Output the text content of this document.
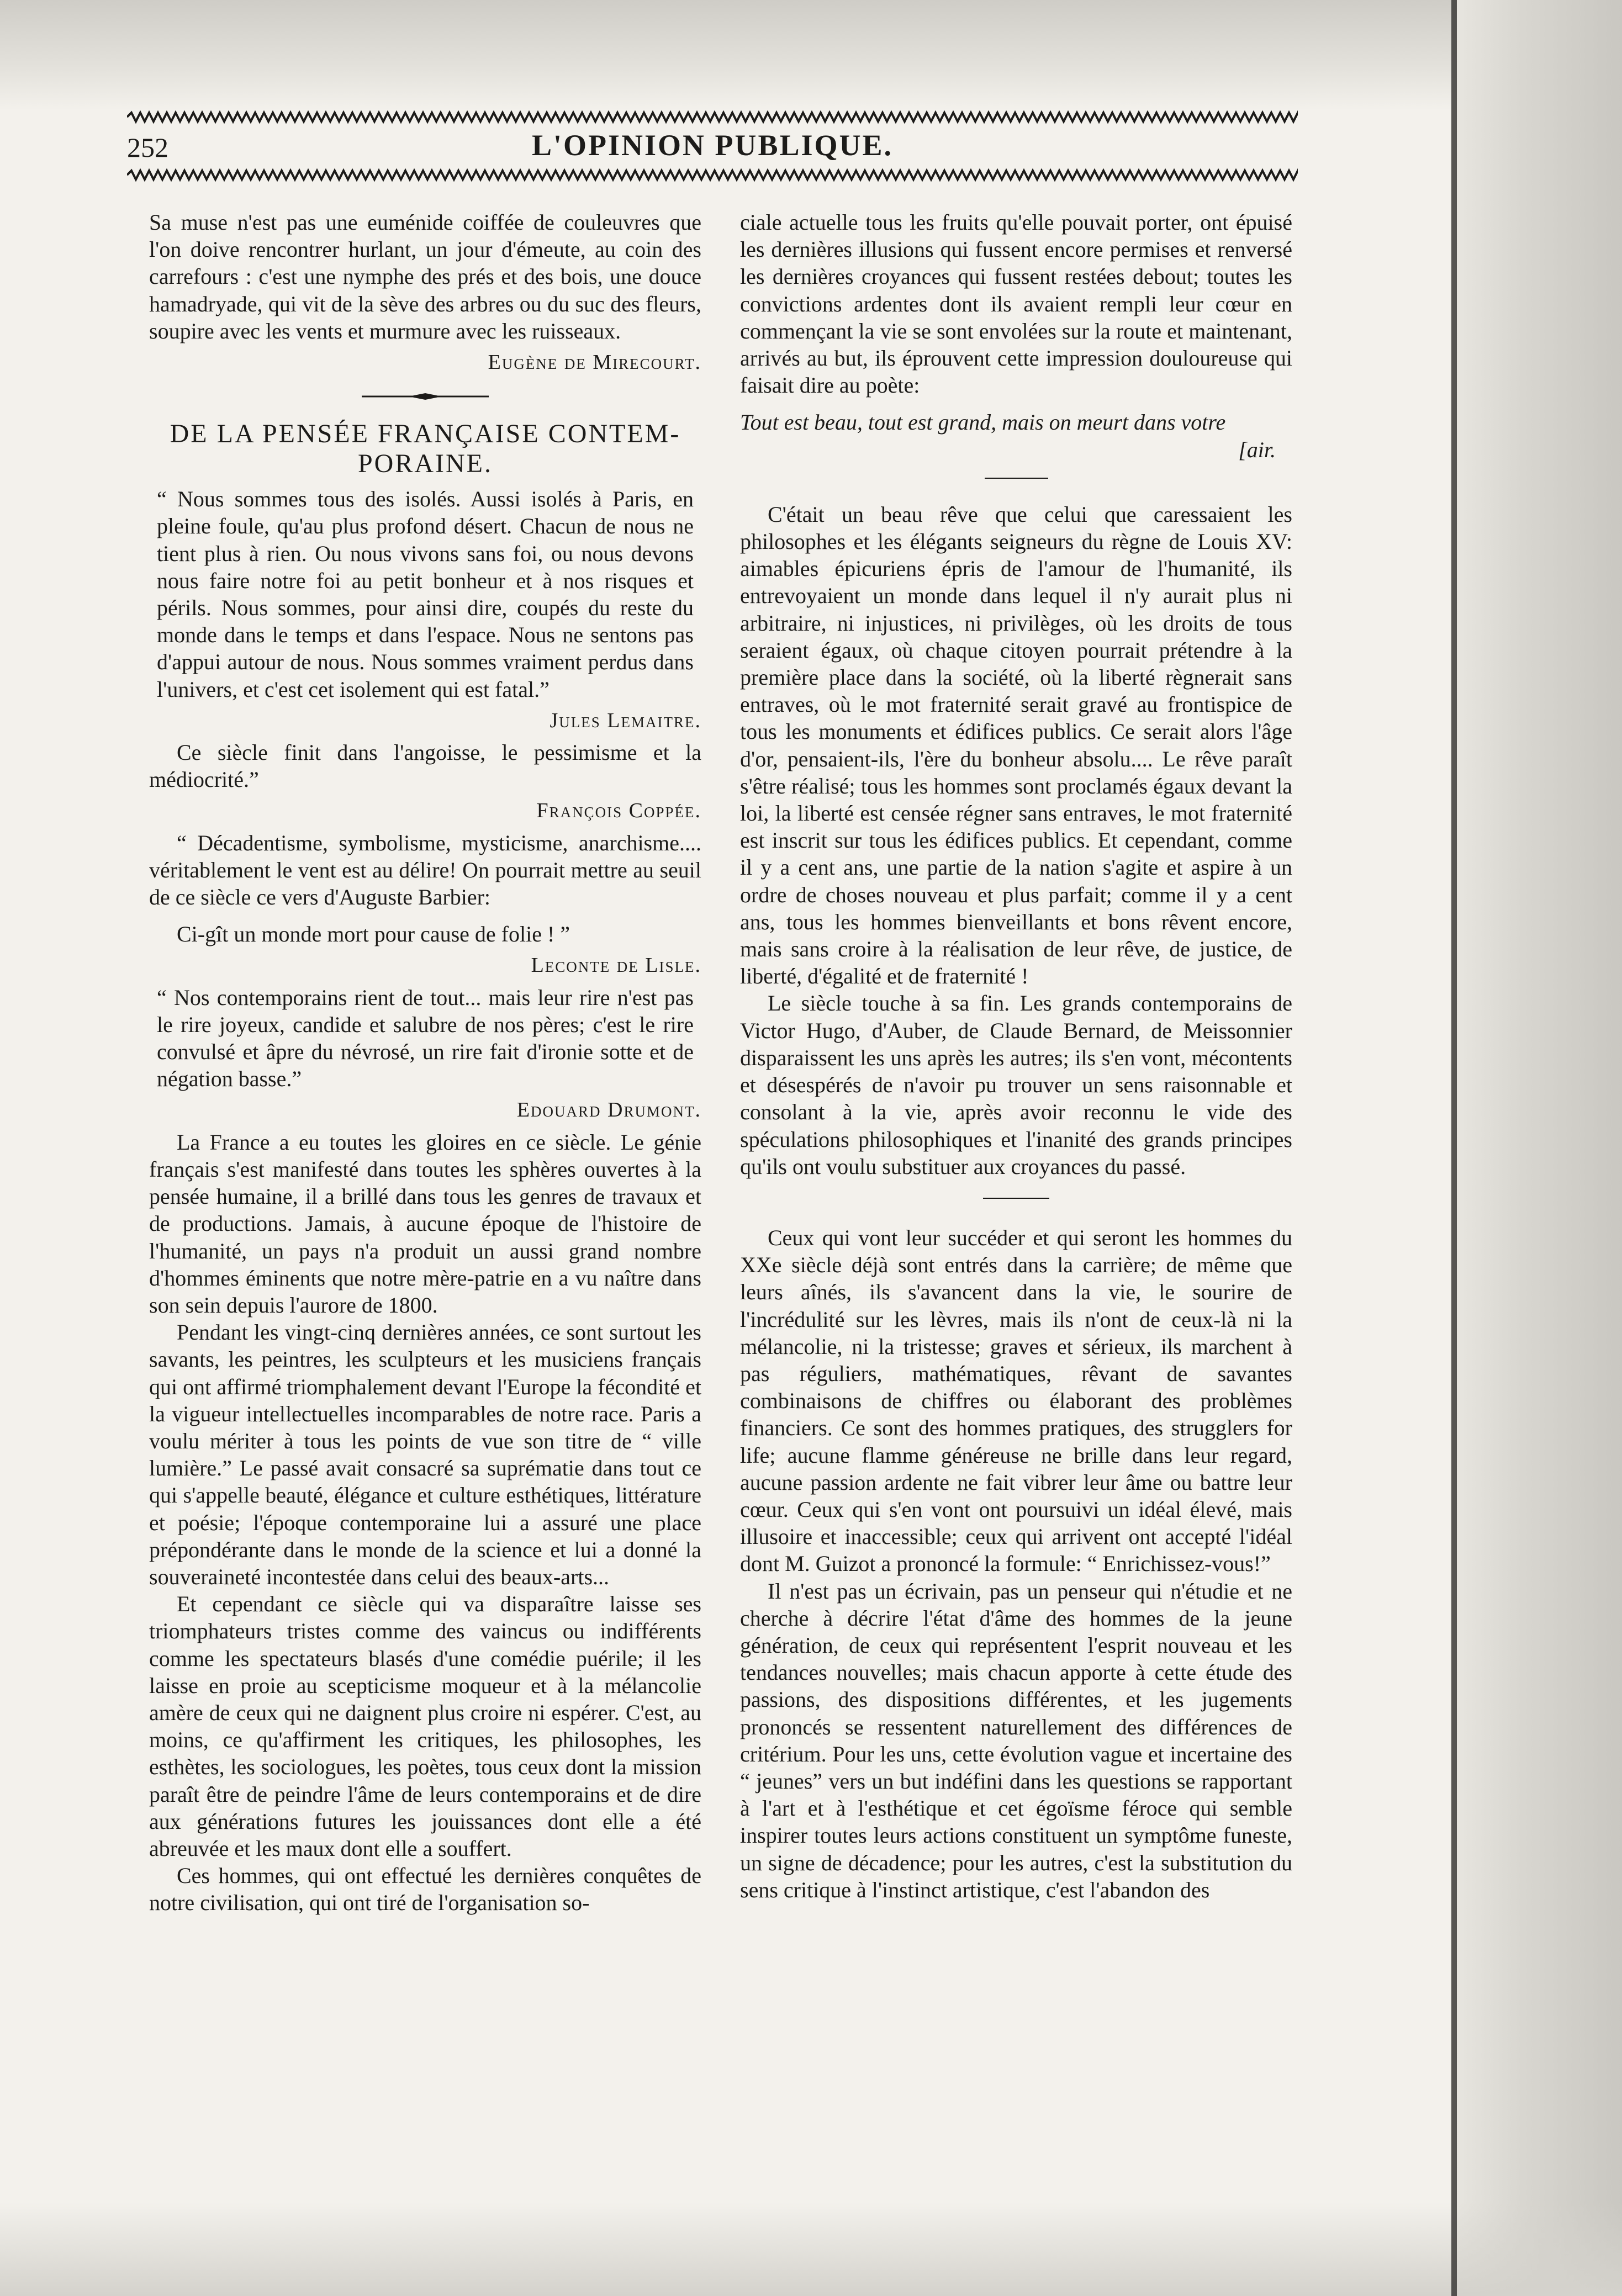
252	L'OPINION PUBLIQUE.

Sa muse n'est pas une euménide coiffée de couleuvres que l'on doive rencontrer hurlant, un jour d'émeute, au coin des carrefours : c'est une nymphe des prés et des bois, une douce hamadryade, qui vit de la sève des arbres ou du suc des fleurs, soupire avec les vents et murmure avec les ruisseaux.

Eugène de Mirecourt.
DE LA PENSÉE FRANÇAISE CONTEM-
PORAINE.

“ Nous sommes tous des isolés. Aussi isolés à Paris, en pleine foule, qu'au plus profond désert. Chacun de nous ne tient plus à rien. Ou nous vivons sans foi, ou nous devons nous faire notre foi au petit bonheur et à nos risques et périls. Nous sommes, pour ainsi dire, coupés du reste du monde dans le temps et dans l'espace. Nous ne sentons pas d'appui autour de nous. Nous sommes vraiment perdus dans l'univers, et c'est cet isolement qui est fatal.”

Jules Lemaitre.

Ce siècle finit dans l'angoisse, le pessimisme et la médiocrité.”

François Coppée.

“ Décadentisme, symbolisme, mysticisme, anarchisme.... véritablement le vent est au délire! On pourrait mettre au seuil de ce siècle ce vers d'Auguste Barbier:

Ci-gît un monde mort pour cause de folie ! ”

Leconte de Lisle.

“ Nos contemporains rient de tout... mais leur rire n'est pas le rire joyeux, candide et salubre de nos pères; c'est le rire convulsé et âpre du névrosé, un rire fait d'ironie sotte et de négation basse.”

Edouard Drumont.

La France a eu toutes les gloires en ce siècle. Le génie français s'est manifesté dans toutes les sphères ouvertes à la pensée humaine, il a brillé dans tous les genres de travaux et de productions. Jamais, à aucune époque de l'histoire de l'humanité, un pays n'a produit un aussi grand nombre d'hommes éminents que notre mère-patrie en a vu naître dans son sein depuis l'aurore de 1800.

Pendant les vingt-cinq dernières années, ce sont surtout les savants, les peintres, les sculpteurs et les musiciens français qui ont affirmé triomphalement devant l'Europe la fécondité et la vigueur intellectuelles incomparables de notre race. Paris a voulu mériter à tous les points de vue son titre de “ ville lumière.” Le passé avait consacré sa suprématie dans tout ce qui s'appelle beauté, élégance et culture esthétiques, littérature et poésie; l'époque contemporaine lui a assuré une place prépondérante dans le monde de la science et lui a donné la souveraineté incontestée dans celui des beaux-arts...

Et cependant ce siècle qui va disparaître laisse ses triomphateurs tristes comme des vaincus ou indifférents comme les spectateurs blasés d'une comédie puérile; il les laisse en proie au scepticisme moqueur et à la mélancolie amère de ceux qui ne daignent plus croire ni espérer. C'est, au moins, ce qu'affirment les critiques, les philosophes, les esthètes, les sociologues, les poètes, tous ceux dont la mission paraît être de peindre l'âme de leurs contemporains et de dire aux générations futures les jouissances dont elle a été abreuvée et les maux dont elle a souffert.

Ces hommes, qui ont effectué les dernières conquêtes de notre civilisation, qui ont tiré de l'organisation so-

ciale actuelle tous les fruits qu'elle pouvait porter, ont épuisé les dernières illusions qui fussent encore permises et renversé les dernières croyances qui fussent restées debout; toutes les convictions ardentes dont ils avaient rempli leur cœur en commençant la vie se sont envolées sur la route et maintenant, arrivés au but, ils éprouvent cette impression douloureuse qui faisait dire au poète:

Tout est beau, tout est grand, mais on meurt dans votre

[air.

C'était un beau rêve que celui que caressaient les philosophes et les élégants seigneurs du règne de Louis XV: aimables épicuriens épris de l'amour de l'humanité, ils entrevoyaient un monde dans lequel il n'y aurait plus ni arbitraire, ni injustices, ni privilèges, où les droits de tous seraient égaux, où chaque citoyen pourrait prétendre à la première place dans la société, où la liberté règnerait sans entraves, où le mot fraternité serait gravé au frontispice de tous les monuments et édifices publics. Ce serait alors l'âge d'or, pensaient-ils, l'ère du bonheur absolu.... Le rêve paraît s'être réalisé; tous les hommes sont proclamés égaux devant la loi, la liberté est censée régner sans entraves, le mot fraternité est inscrit sur tous les édifices publics. Et cependant, comme il y a cent ans, une partie de la nation s'agite et aspire à un ordre de choses nouveau et plus parfait; comme il y a cent ans, tous les hommes bienveillants et bons rêvent encore, mais sans croire à la réalisation de leur rêve, de justice, de liberté, d'égalité et de fraternité !

Le siècle touche à sa fin. Les grands contemporains de Victor Hugo, d'Auber, de Claude Bernard, de Meissonnier disparaissent les uns après les autres; ils s'en vont, mécontents et désespérés de n'avoir pu trouver un sens raisonnable et consolant à la vie, après avoir reconnu le vide des spéculations philosophiques et l'inanité des grands principes qu'ils ont voulu substituer aux croyances du passé.

Ceux qui vont leur succéder et qui seront les hommes du XXe siècle déjà sont entrés dans la carrière; de même que leurs aînés, ils s'avancent dans la vie, le sourire de l'incrédulité sur les lèvres, mais ils n'ont de ceux-là ni la mélancolie, ni la tristesse; graves et sérieux, ils marchent à pas réguliers, mathématiques, rêvant de savantes combinaisons de chiffres ou élaborant des problèmes financiers. Ce sont des hommes pratiques, des strugglers for life; aucune flamme généreuse ne brille dans leur regard, aucune passion ardente ne fait vibrer leur âme ou battre leur cœur. Ceux qui s'en vont ont poursuivi un idéal élevé, mais illusoire et inaccessible; ceux qui arrivent ont accepté l'idéal dont M. Guizot a prononcé la formule: “ Enrichissez-vous!”

Il n'est pas un écrivain, pas un penseur qui n'étudie et ne cherche à décrire l'état d'âme des hommes de la jeune génération, de ceux qui représentent l'esprit nouveau et les tendances nouvelles; mais chacun apporte à cette étude des passions, des dispositions différentes, et les jugements prononcés se ressentent naturellement des différences de critérium. Pour les uns, cette évolution vague et incertaine des “ jeunes” vers un but indéfini dans les questions se rapportant à l'art et à l'esthétique et cet égoïsme féroce qui semble inspirer toutes leurs actions constituent un symptôme funeste, un signe de décadence; pour les autres, c'est la substitution du sens critique à l'instinct artistique, c'est l'abandon des
